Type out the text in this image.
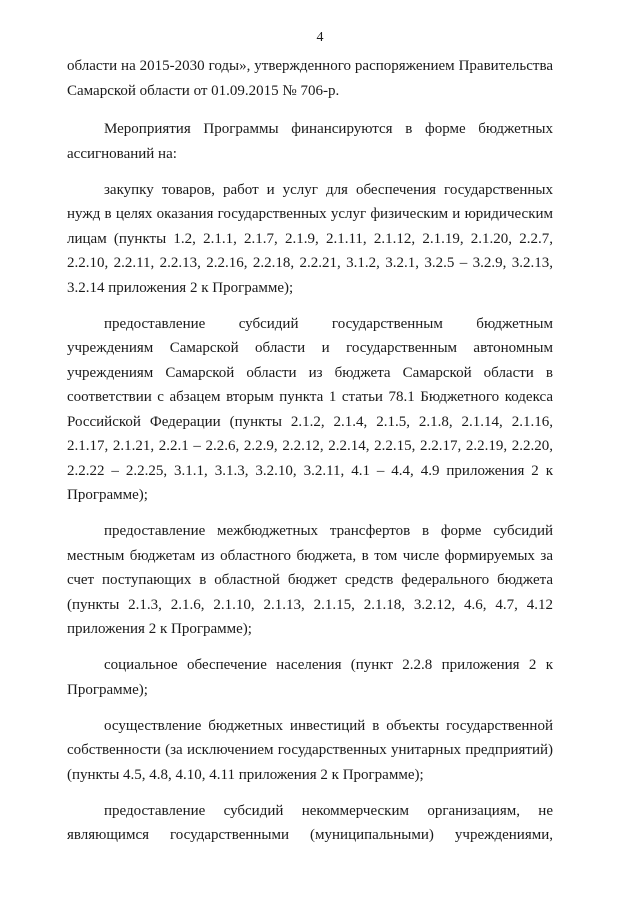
4

области на 2015-2030 годы», утвержденного распоряжением Правительства Самарской области от 01.09.2015 № 706-р.

Мероприятия Программы финансируются в форме бюджетных ассигнований на:

закупку товаров, работ и услуг для обеспечения государственных нужд в целях оказания государственных услуг физическим и юридическим лицам (пункты 1.2, 2.1.1, 2.1.7, 2.1.9, 2.1.11, 2.1.12, 2.1.19, 2.1.20, 2.2.7, 2.2.10, 2.2.11, 2.2.13, 2.2.16, 2.2.18, 2.2.21, 3.1.2, 3.2.1, 3.2.5 – 3.2.9, 3.2.13, 3.2.14 приложения 2 к Программе);

предоставление субсидий государственным бюджетным учреждениям Самарской области и государственным автономным учреждениям Самарской области из бюджета Самарской области в соответствии с абзацем вторым пункта 1 статьи 78.1 Бюджетного кодекса Российской Федерации (пункты 2.1.2, 2.1.4, 2.1.5, 2.1.8, 2.1.14, 2.1.16, 2.1.17, 2.1.21, 2.2.1 – 2.2.6, 2.2.9, 2.2.12, 2.2.14, 2.2.15, 2.2.17, 2.2.19, 2.2.20, 2.2.22 – 2.2.25, 3.1.1, 3.1.3, 3.2.10, 3.2.11, 4.1 – 4.4, 4.9 приложения 2 к Программе);

предоставление межбюджетных трансфертов в форме субсидий местным бюджетам из областного бюджета, в том числе формируемых за счет поступающих в областной бюджет средств федерального бюджета (пункты 2.1.3, 2.1.6, 2.1.10, 2.1.13, 2.1.15, 2.1.18, 3.2.12, 4.6, 4.7, 4.12 приложения 2 к Программе);

социальное обеспечение населения (пункт 2.2.8 приложения 2 к Программе);

осуществление бюджетных инвестиций в объекты государственной собственности (за исключением государственных унитарных предприятий) (пункты 4.5, 4.8, 4.10, 4.11 приложения 2 к Программе);

предоставление субсидий некоммерческим организациям, не являющимся государственными (муниципальными) учреждениями,
